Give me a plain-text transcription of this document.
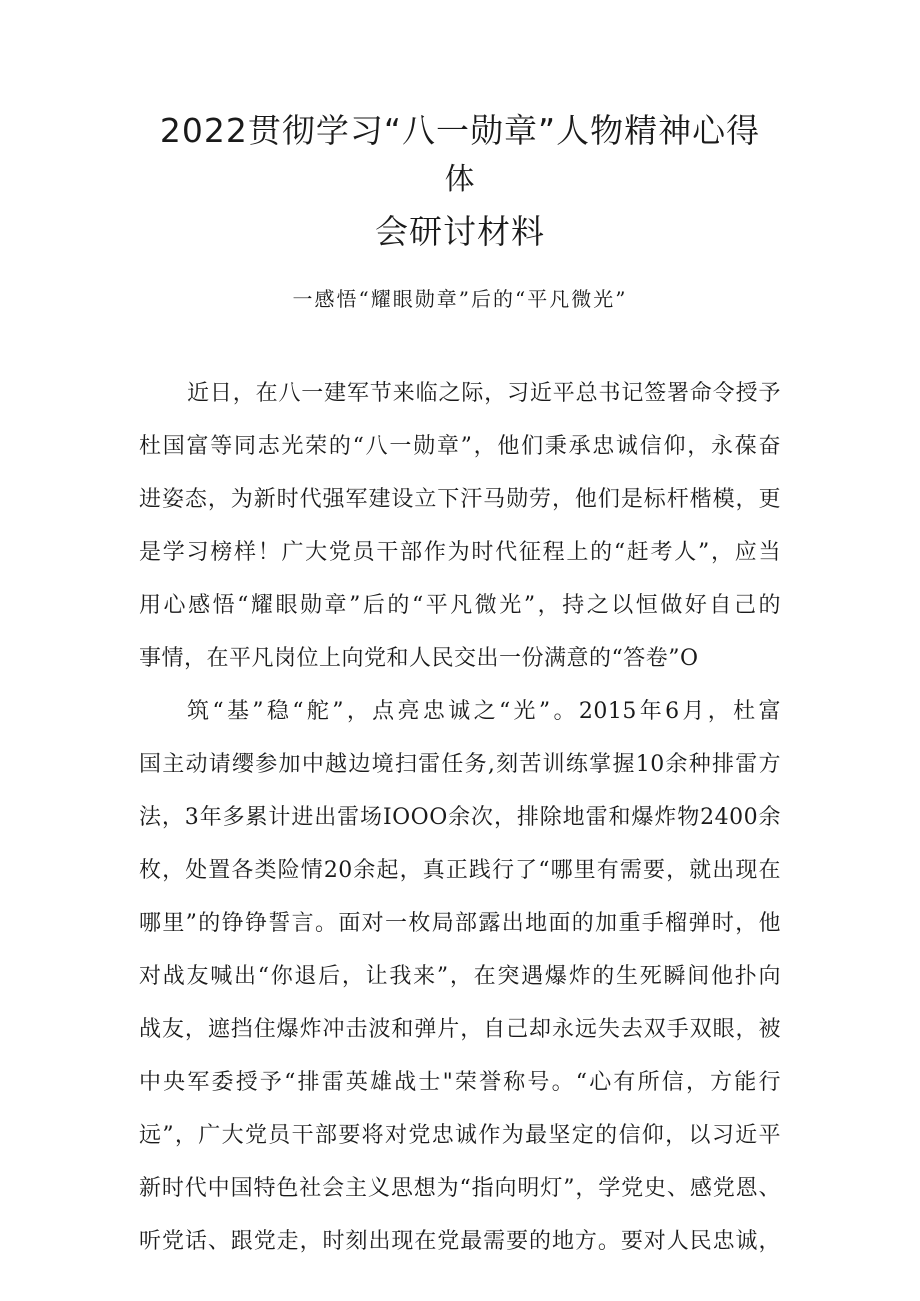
2022贯彻学习“八一勋章”人物精神心得
体
会研讨材料
一感悟“耀眼勋章”后的“平凡微光”
近日，在八一建军节来临之际，习近平总书记签署命令授予
杜国富等同志光荣的“八一勋章”，他们秉承忠诚信仰，永葆奋
进姿态，为新时代强军建设立下汗马勋劳，他们是标杆楷模，更
是学习榜样！广大党员干部作为时代征程上的“赶考人”，应当
用心感悟“耀眼勋章”后的“平凡微光”，持之以恒做好自己的
事情，在平凡岗位上向党和人民交出一份满意的“答卷”O
筑“基”稳“舵”，点亮忠诚之“光”。2015年6月，杜富
国主动请缨参加中越边境扫雷任务,刻苦训练掌握10余种排雷方
法，3年多累计进出雷场IOOO余次，排除地雷和爆炸物2400余
枚，处置各类险情20余起，真正践行了“哪里有需要，就出现在
哪里”的铮铮誓言。面对一枚局部露出地面的加重手榴弹时，他
对战友喊出“你退后，让我来”，在突遇爆炸的生死瞬间他扑向
战友，遮挡住爆炸冲击波和弹片，自己却永远失去双手双眼，被
中央军委授予“排雷英雄战士"荣誉称号。“心有所信，方能行
远”，广大党员干部要将对党忠诚作为最坚定的信仰，以习近平
新时代中国特色社会主义思想为“指向明灯”，学党史、感党恩、
听党话、跟党走，时刻出现在党最需要的地方。要对人民忠诚，
